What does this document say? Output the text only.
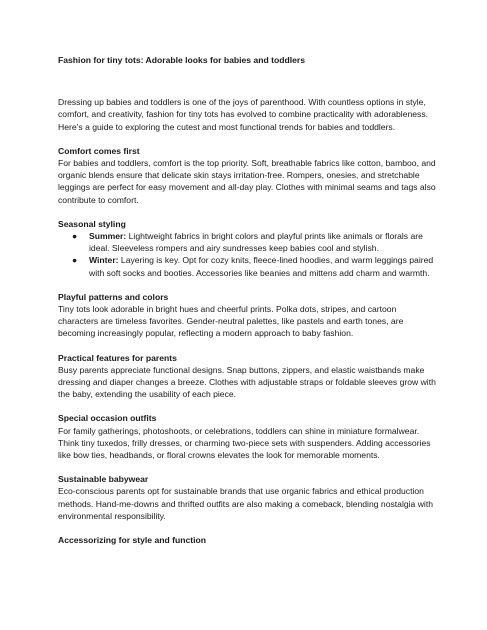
Fashion for tiny tots: Adorable looks for babies and toddlers

Dressing up babies and toddlers is one of the joys of parenthood. With countless options in style, comfort, and creativity, fashion for tiny tots has evolved to combine practicality with adorableness. Here’s a guide to exploring the cutest and most functional trends for babies and toddlers.

Comfort comes first

For babies and toddlers, comfort is the top priority. Soft, breathable fabrics like cotton, bamboo, and organic blends ensure that delicate skin stays irritation-free. Rompers, onesies, and stretchable leggings are perfect for easy movement and all-day play. Clothes with minimal seams and tags also contribute to comfort.

Seasonal styling
● Summer: Lightweight fabrics in bright colors and playful prints like animals or florals are ideal. Sleeveless rompers and airy sundresses keep babies cool and stylish.
● Winter: Layering is key. Opt for cozy knits, fleece-lined hoodies, and warm leggings paired with soft socks and booties. Accessories like beanies and mittens add charm and warmth.
Playful patterns and colors

Tiny tots look adorable in bright hues and cheerful prints. Polka dots, stripes, and cartoon characters are timeless favorites. Gender-neutral palettes, like pastels and earth tones, are becoming increasingly popular, reflecting a modern approach to baby fashion.

Practical features for parents

Busy parents appreciate functional designs. Snap buttons, zippers, and elastic waistbands make dressing and diaper changes a breeze. Clothes with adjustable straps or foldable sleeves grow with the baby, extending the usability of each piece.

Special occasion outfits

For family gatherings, photoshoots, or celebrations, toddlers can shine in miniature formalwear. Think tiny tuxedos, frilly dresses, or charming two-piece sets with suspenders. Adding accessories like bow ties, headbands, or floral crowns elevates the look for memorable moments.

Sustainable babywear

Eco-conscious parents opt for sustainable brands that use organic fabrics and ethical production methods. Hand-me-downs and thrifted outfits are also making a comeback, blending nostalgia with environmental responsibility.

Accessorizing for style and function
